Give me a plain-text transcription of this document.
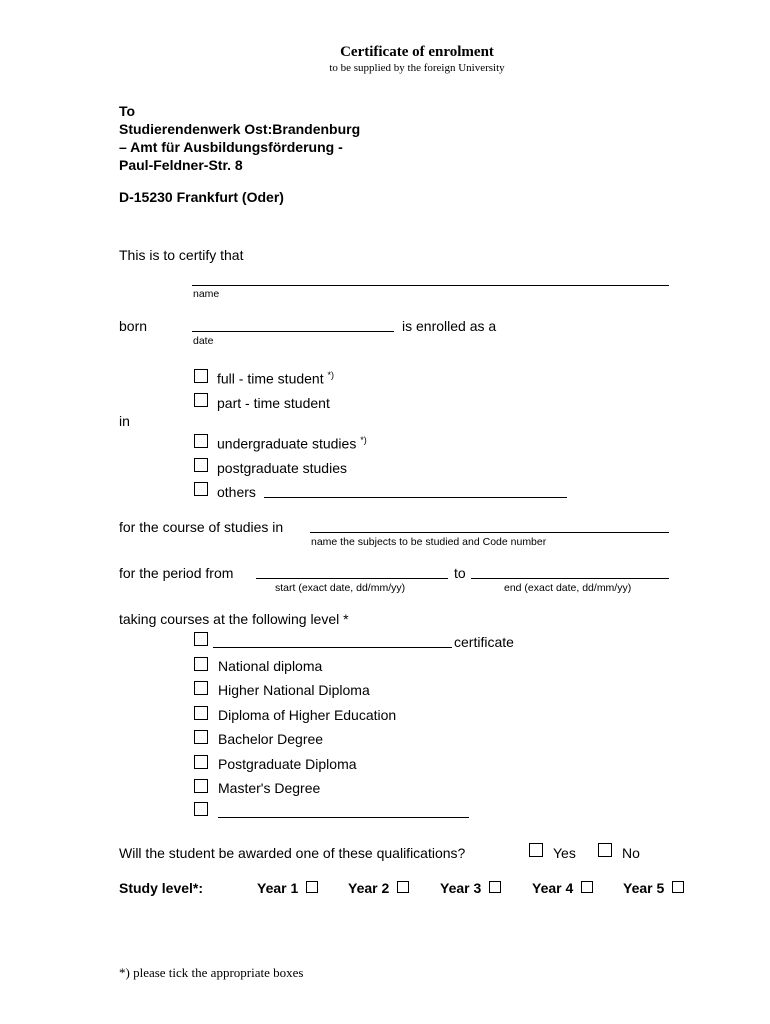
Certificate of enrolment
to be supplied by the foreign University
To
Studierendenwerk Ost:Brandenburg
– Amt für Ausbildungsförderung -
Paul-Feldner-Str. 8
D-15230 Frankfurt (Oder)
This is to certify that
name
born	is enrolled as a
date
full - time student *)
part - time student
in
undergraduate studies *)
postgraduate studies
others
for the course of studies in
name the subjects to be studied and Code number
for the period from	to
start (exact date, dd/mm/yy)	end (exact date, dd/mm/yy)
taking courses at the following level *
certificate
National diploma
Higher National Diploma
Diploma of Higher Education
Bachelor Degree
Postgraduate Diploma
Master's Degree
Will the student be awarded one of these qualifications?	Yes	No
Study level*:	Year 1	Year 2	Year 3	Year 4	Year 5
*) please tick the appropriate boxes
